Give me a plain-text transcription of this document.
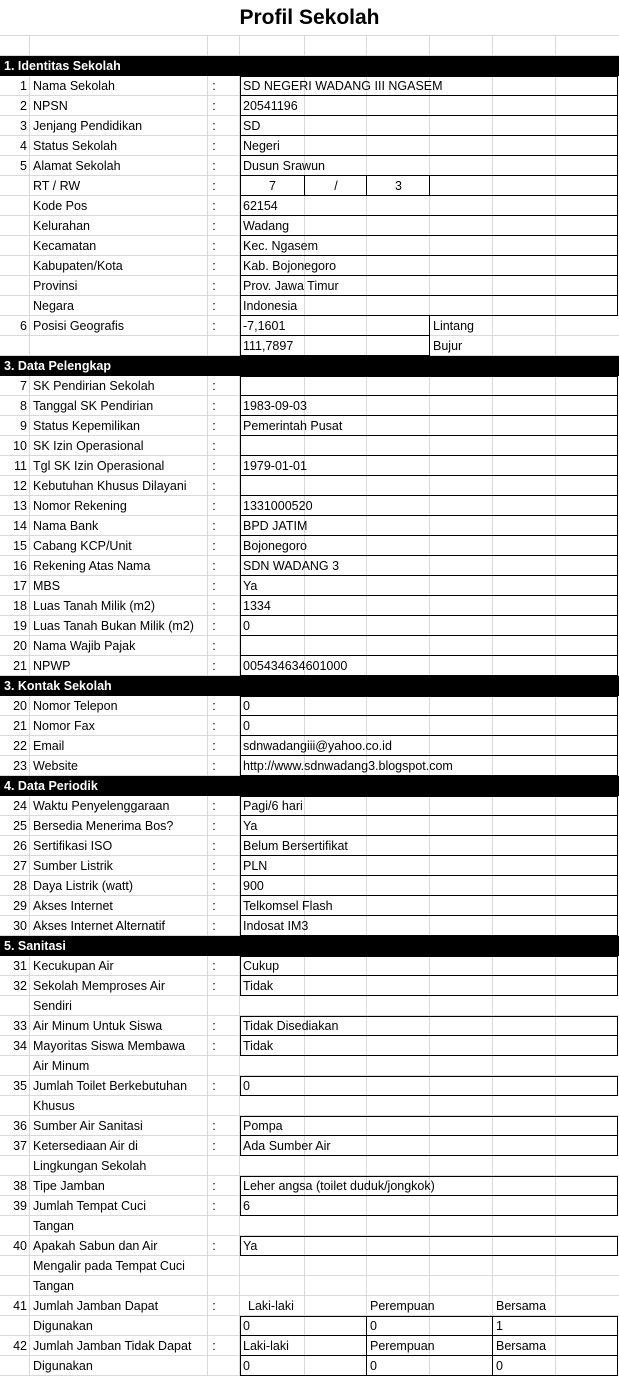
Profil Sekolah
1. Identitas Sekolah
1 Nama Sekolah	:	SD NEGERI WADANG III NGASEM
2 NPSN	:	20541196
3 Jenjang Pendidikan	:	SD
4 Status Sekolah	:	Negeri
5 Alamat Sekolah	:	Dusun Srawun
RT / RW	:	7	/	3
Kode Pos	:	62154
Kelurahan	:	Wadang
Kecamatan	:	Kec. Ngasem
Kabupaten/Kota	:	Kab. Bojonegoro
Provinsi	:	Prov. Jawa Timur
Negara	:	Indonesia
6 Posisi Geografis	:	-7,1601	Lintang
111,7897	Bujur
3. Data Pelengkap
7 SK Pendirian Sekolah	:
8 Tanggal SK Pendirian	:	1983-09-03
9 Status Kepemilikan	:	Pemerintah Pusat
10 SK Izin Operasional	:
11 Tgl SK Izin Operasional	:	1979-01-01
12 Kebutuhan Khusus Dilayani	:
13 Nomor Rekening	:	1331000520
14 Nama Bank	:	BPD JATIM
15 Cabang KCP/Unit	:	Bojonegoro
16 Rekening Atas Nama	:	SDN WADANG 3
17 MBS	:	Ya
18 Luas Tanah Milik (m2)	:	1334
19 Luas Tanah Bukan Milik (m2)	:	0
20 Nama Wajib Pajak	:
21 NPWP	:	005434634601000
3. Kontak Sekolah
20 Nomor Telepon	:	0
21 Nomor Fax	:	0
22 Email	:	sdnwadangiii@yahoo.co.id
23 Website	:	http://www.sdnwadang3.blogspot.com
4. Data Periodik
24 Waktu Penyelenggaraan	:	Pagi/6 hari
25 Bersedia Menerima Bos?	:	Ya
26 Sertifikasi ISO	:	Belum Bersertifikat
27 Sumber Listrik	:	PLN
28 Daya Listrik (watt)	:	900
29 Akses Internet	:	Telkomsel Flash
30 Akses Internet Alternatif	:	Indosat IM3
5. Sanitasi
31 Kecukupan Air	:	Cukup
32 Sekolah Memproses Air	:	Tidak
Sendiri
33 Air Minum Untuk Siswa	:	Tidak Disediakan
34 Mayoritas Siswa Membawa	:	Tidak
Air Minum
35 Jumlah Toilet Berkebutuhan	:	0
Khusus
36 Sumber Air Sanitasi	:	Pompa
37 Ketersediaan Air di	:	Ada Sumber Air
Lingkungan Sekolah
38 Tipe Jamban	:	Leher angsa (toilet duduk/jongkok)
39 Jumlah Tempat Cuci	:	6
Tangan
40 Apakah Sabun dan Air	:	Ya
Mengalir pada Tempat Cuci
Tangan
41 Jumlah Jamban Dapat	:	Laki-laki	Perempuan	Bersama
Digunakan	0	0	1
42 Jumlah Jamban Tidak Dapat	:	Laki-laki	Perempuan	Bersama
Digunakan	0	0	0
